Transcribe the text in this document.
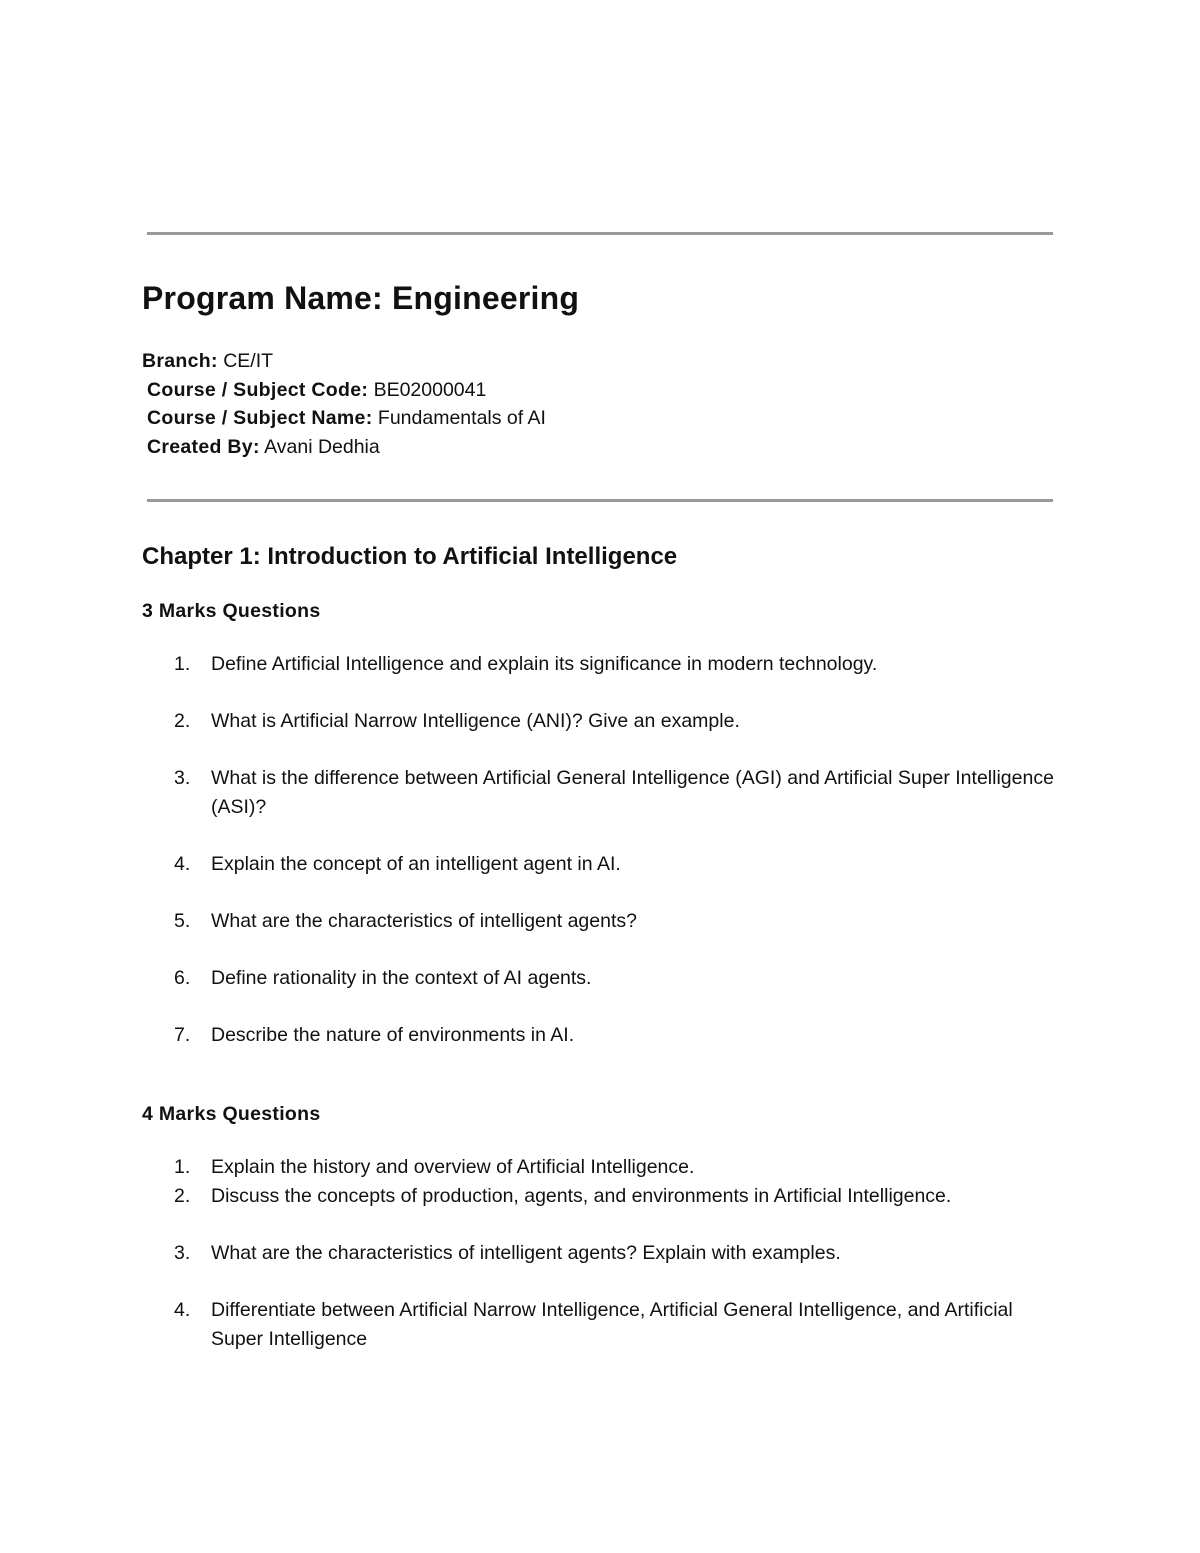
Program Name: Engineering
Branch: CE/IT
Course / Subject Code: BE02000041
Course / Subject Name: Fundamentals of AI
Created By: Avani Dedhia
Chapter 1: Introduction to Artificial Intelligence
3 Marks Questions
1.	Define Artificial Intelligence and explain its significance in modern technology.
2.	What is Artificial Narrow Intelligence (ANI)? Give an example.
3.	What is the difference between Artificial General Intelligence (AGI) and Artificial Super Intelligence (ASI)?
4.	Explain the concept of an intelligent agent in AI.
5.	What are the characteristics of intelligent agents?
6.	Define rationality in the context of AI agents.
7.	Describe the nature of environments in AI.
4 Marks Questions
1.	Explain the history and overview of Artificial Intelligence.
2.	Discuss the concepts of production, agents, and environments in Artificial Intelligence.
3.	What are the characteristics of intelligent agents? Explain with examples.
4.	Differentiate between Artificial Narrow Intelligence, Artificial General Intelligence, and Artificial Super Intelligence
